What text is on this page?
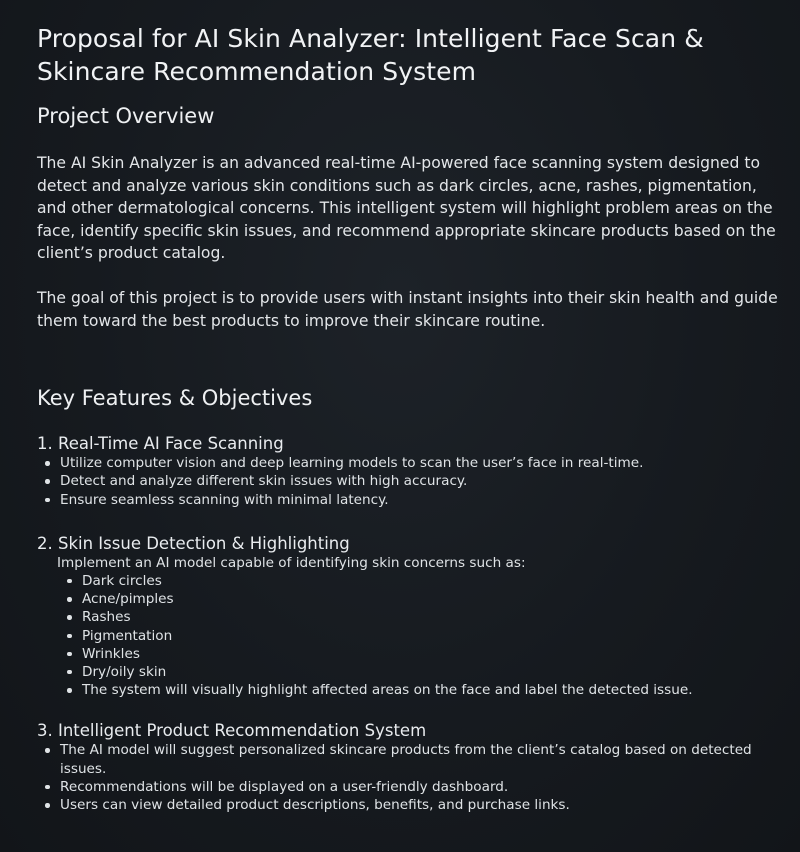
Proposal for AI Skin Analyzer: Intelligent Face Scan & Skincare Recommendation System
Project Overview

The AI Skin Analyzer is an advanced real-time AI-powered face scanning system designed to detect and analyze various skin conditions such as dark circles, acne, rashes, pigmentation, and other dermatological concerns. This intelligent system will highlight problem areas on the face, identify specific skin issues, and recommend appropriate skincare products based on the client’s product catalog.

The goal of this project is to provide users with instant insights into their skin health and guide them toward the best products to improve their skincare routine.

Key Features & Objectives
1. Real-Time AI Face Scanning
Utilize computer vision and deep learning models to scan the user’s face in real-time.
Detect and analyze different skin issues with high accuracy.
Ensure seamless scanning with minimal latency.
2. Skin Issue Detection & Highlighting

Implement an AI model capable of identifying skin concerns such as:

Dark circles
Acne/pimples
Rashes
Pigmentation
Wrinkles
Dry/oily skin
The system will visually highlight affected areas on the face and label the detected issue.
3. Intelligent Product Recommendation System
The AI model will suggest personalized skincare products from the client’s catalog based on detected issues.
Recommendations will be displayed on a user-friendly dashboard.
Users can view detailed product descriptions, benefits, and purchase links.
